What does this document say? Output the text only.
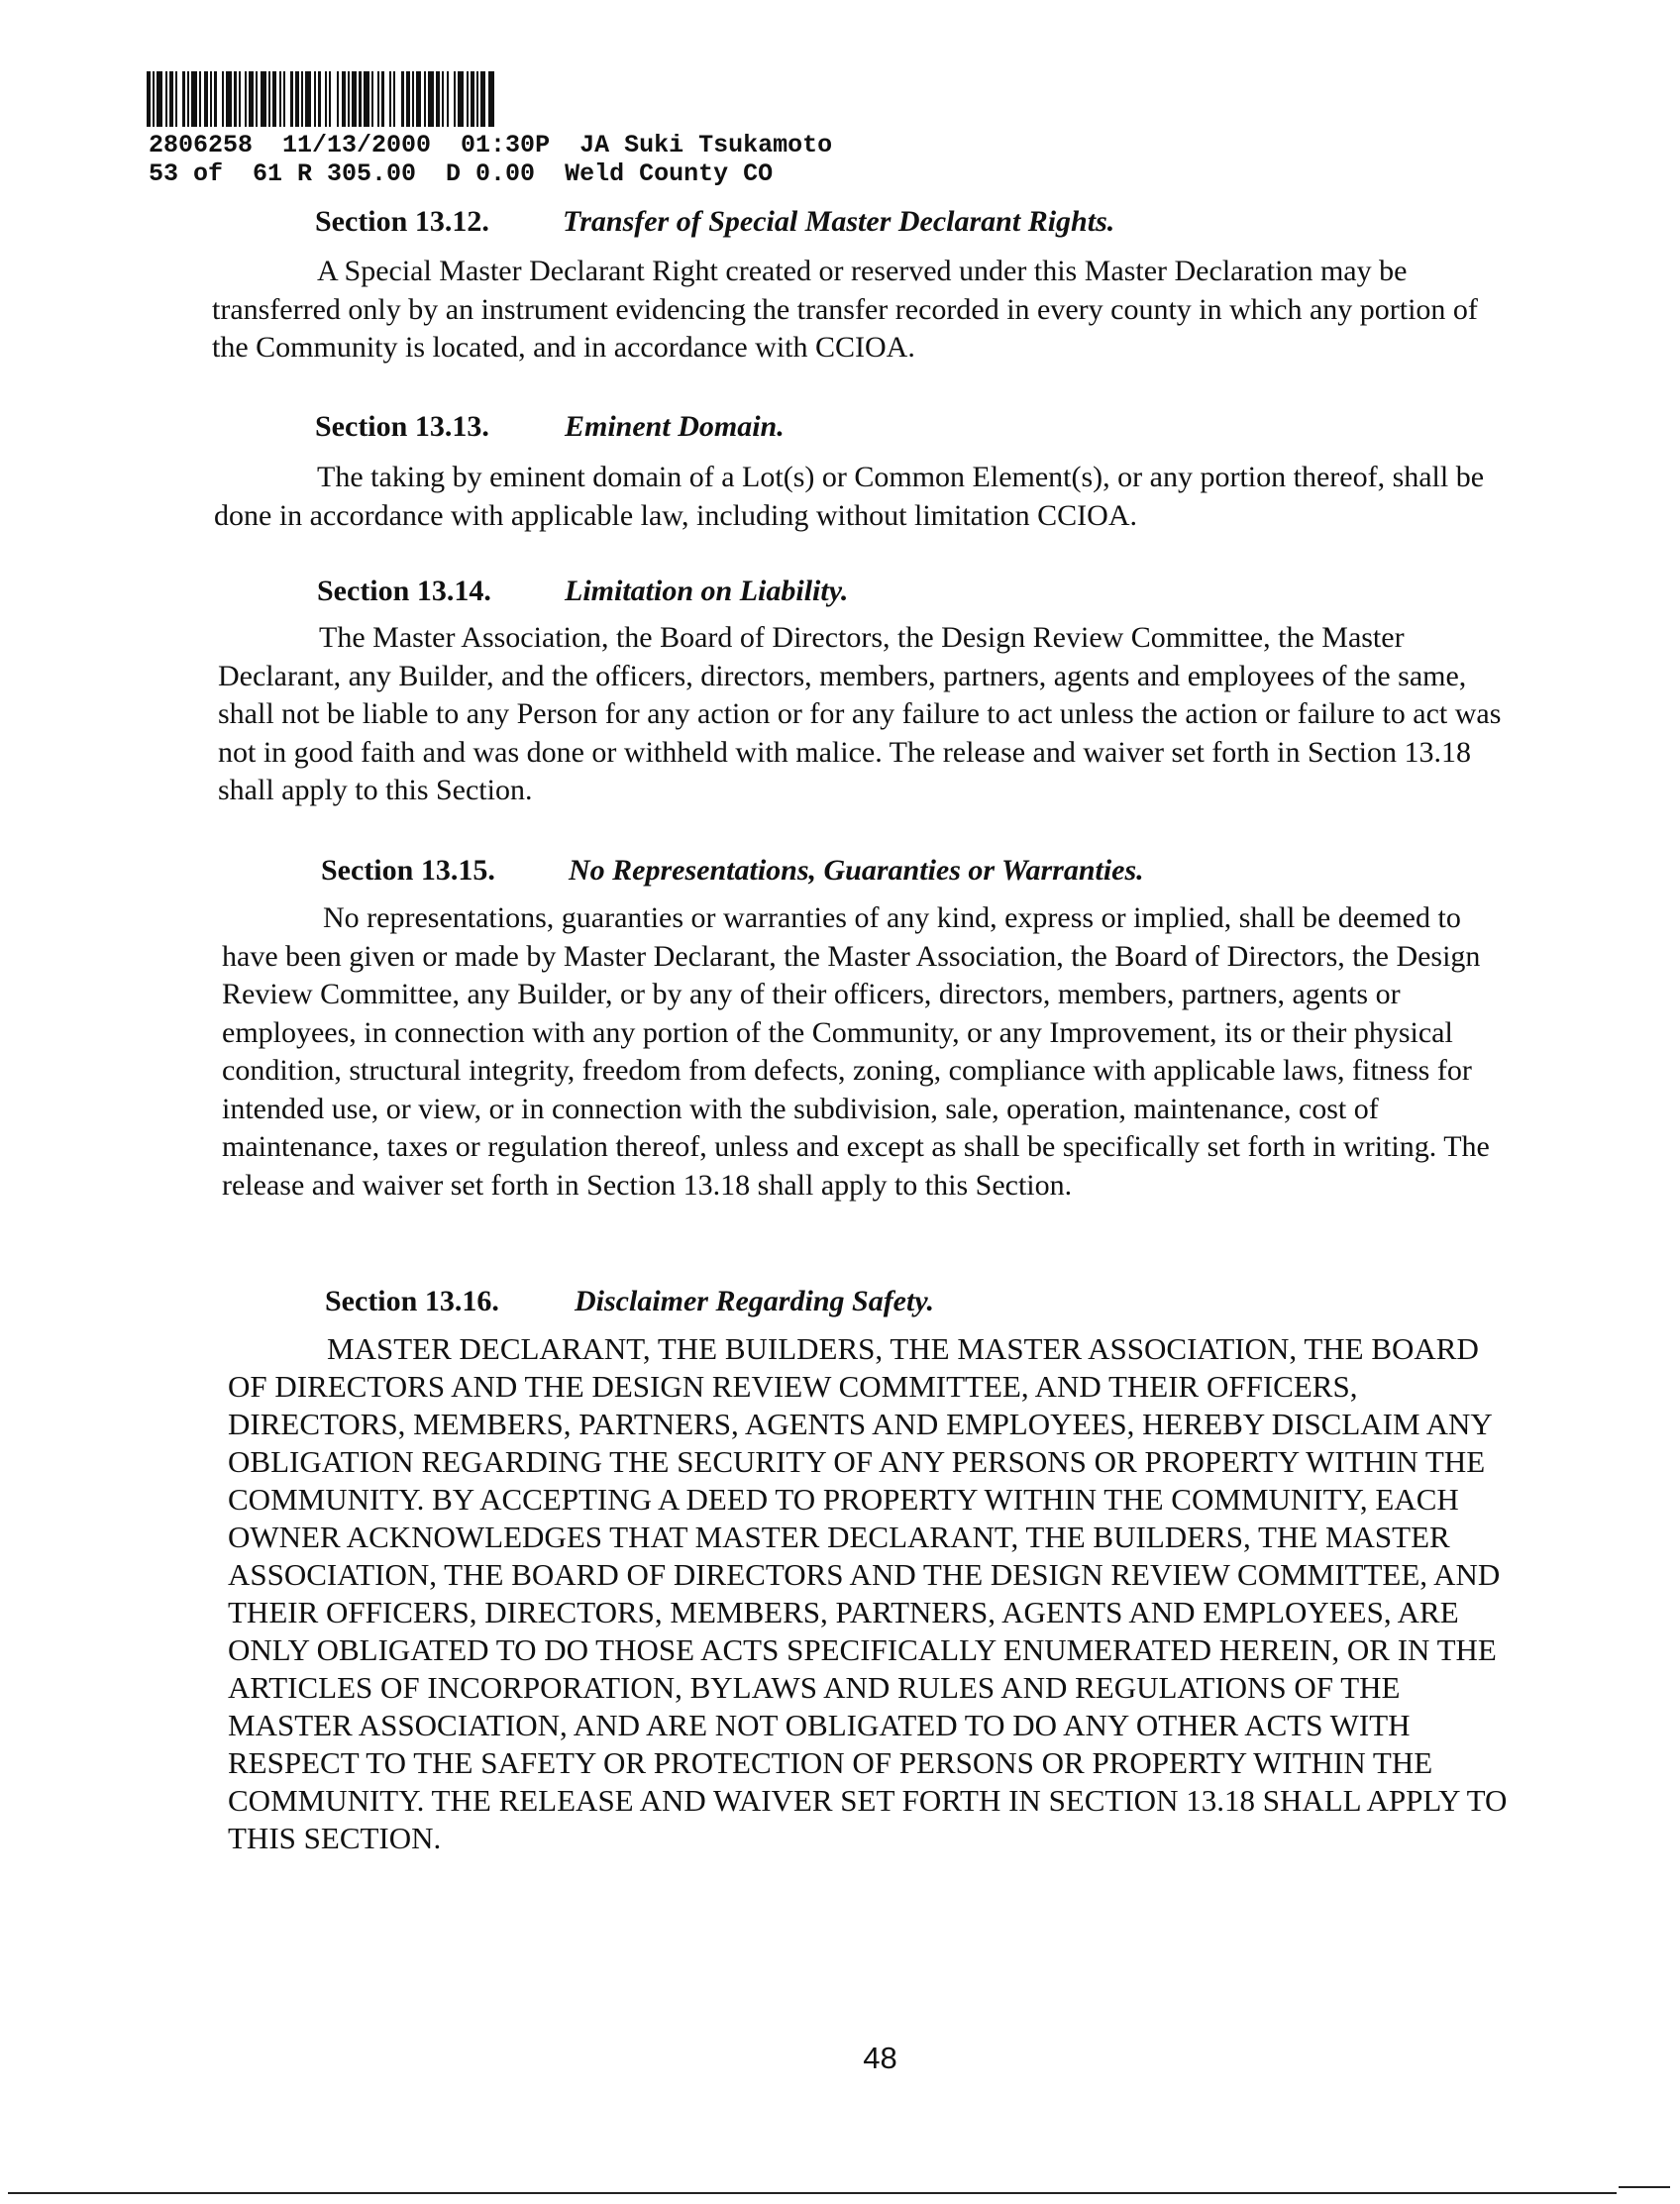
2806258  11/13/2000  01:30P  JA Suki Tsukamoto
53 of  61 R 305.00  D 0.00  Weld County CO
Section 13.12. Transfer of Special Master Declarant Rights.
A Special Master Declarant Right created or reserved under this Master Declaration may be transferred only by an instrument evidencing the transfer recorded in every county in which any portion of the Community is located, and in accordance with CCIOA.
Section 13.13.	Eminent Domain.
The taking by eminent domain of a Lot(s) or Common Element(s), or any portion thereof, shall be done in accordance with applicable law, including without limitation CCIOA.
Section 13.14. Limitation on Liability.
The Master Association, the Board of Directors, the Design Review Committee, the Master Declarant, any Builder, and the officers, directors, members, partners, agents and employees of the same, shall not be liable to any Person for any action or for any failure to act unless the action or failure to act was not in good faith and was done or withheld with malice. The release and waiver set forth in Section 13.18 shall apply to this Section.
Section 13.15. No Representations, Guaranties or Warranties.
No representations, guaranties or warranties of any kind, express or implied, shall be deemed to have been given or made by Master Declarant, the Master Association, the Board of Directors, the Design Review Committee, any Builder, or by any of their officers, directors, members, partners, agents or employees, in connection with any portion of the Community, or any Improvement, its or their physical condition, structural integrity, freedom from defects, zoning, compliance with applicable laws, fitness for intended use, or view, or in connection with the subdivision, sale, operation, maintenance, cost of maintenance, taxes or regulation thereof, unless and except as shall be specifically set forth in writing. The release and waiver set forth in Section 13.18 shall apply to this Section.
Section 13.16.	Disclaimer Regarding Safety.
MASTER DECLARANT, THE BUILDERS, THE MASTER ASSOCIATION, THE BOARD OF DIRECTORS AND THE DESIGN REVIEW COMMITTEE, AND THEIR OFFICERS, DIRECTORS, MEMBERS, PARTNERS, AGENTS AND EMPLOYEES, HEREBY DISCLAIM ANY OBLIGATION REGARDING THE SECURITY OF ANY PERSONS OR PROPERTY WITHIN THE COMMUNITY. BY ACCEPTING A DEED TO PROPERTY WITHIN THE COMMUNITY, EACH OWNER ACKNOWLEDGES THAT MASTER DECLARANT, THE BUILDERS, THE MASTER ASSOCIATION, THE BOARD OF DIRECTORS AND THE DESIGN REVIEW COMMITTEE, AND THEIR OFFICERS, DIRECTORS, MEMBERS, PARTNERS, AGENTS AND EMPLOYEES, ARE ONLY OBLIGATED TO DO THOSE ACTS SPECIFICALLY ENUMERATED HEREIN, OR IN THE ARTICLES OF INCORPORATION, BYLAWS AND RULES AND REGULATIONS OF THE MASTER ASSOCIATION, AND ARE NOT OBLIGATED TO DO ANY OTHER ACTS WITH RESPECT TO THE SAFETY OR PROTECTION OF PERSONS OR PROPERTY WITHIN THE COMMUNITY. THE RELEASE AND WAIVER SET FORTH IN SECTION 13.18 SHALL APPLY TO THIS SECTION.
48
